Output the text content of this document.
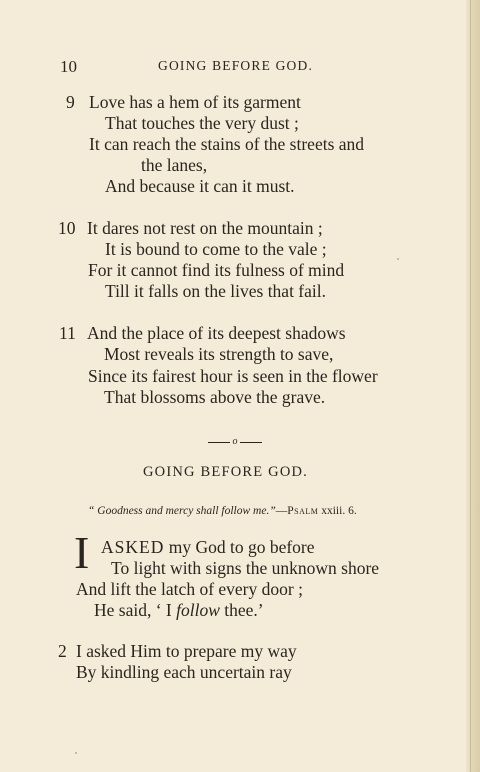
10	GOING BEFORE GOD.
9 Love has a hem of its garment
That touches the very dust ;
It can reach the stains of the streets and
the lanes,
And because it can it must.
10 It dares not rest on the mountain ;
It is bound to come to the vale ;
For it cannot find its fulness of mind
Till it falls on the lives that fail.
11 And the place of its deepest shadows
Most reveals its strength to save,
Since its fairest hour is seen in the flower
That blossoms above the grave.
o
GOING BEFORE GOD.
“ Goodness and mercy shall follow me.”—Psalm xxiii. 6.
I ASKED my God to go before
To light with signs the unknown shore
And lift the latch of every door ;
He said, ‘ I follow thee.’
2 I asked Him to prepare my way
By kindling each uncertain ray
